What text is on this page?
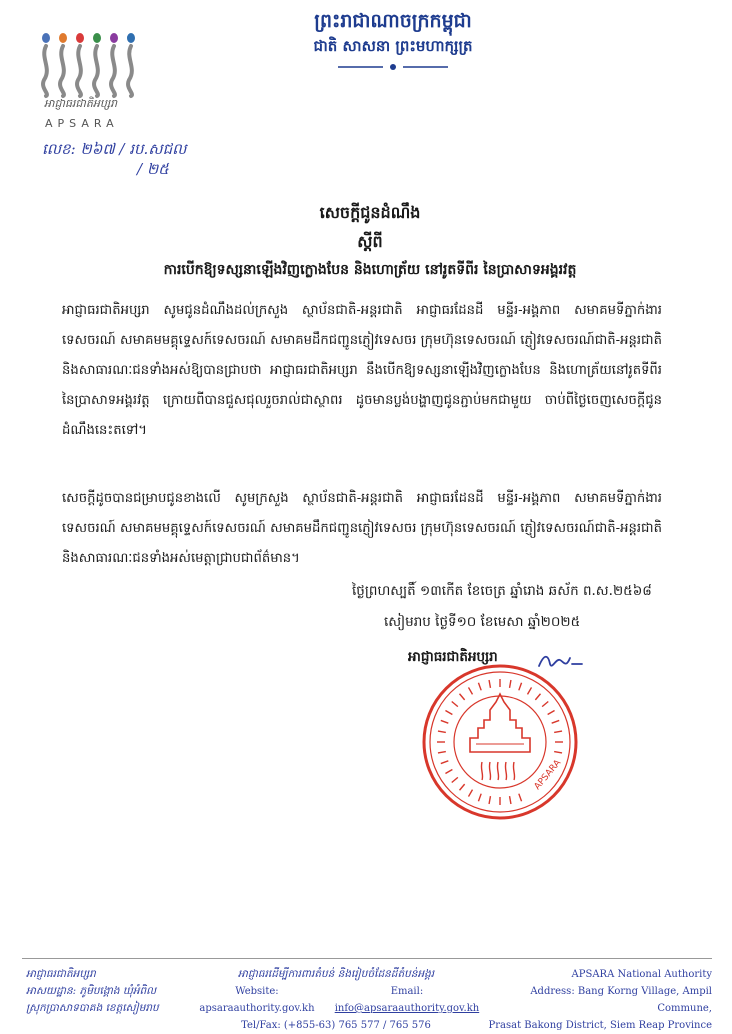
អាជ្ញាធរជាតិអប្សរា
APSARA
លេខ: ២៦៧ / រប.សជល
/ ២៥
ព្រះរាជាណាចក្រកម្ពុជា
ជាតិ សាសនា ព្រះមហាក្សត្រ
សេចក្តីជូនដំណឹង
ស្តីពី
ការបើកឱ្យទស្សនាឡើងវិញក្លោងបែន និងហោត្រ័យ នៅរូតទីពីរ នៃប្រាសាទអង្គរវត្ត
អាជ្ញាធរជាតិអប្សរា សូមជូនដំណឹងដល់ក្រសួង ស្ថាប័នជាតិ-អន្តរជាតិ អាជ្ញាធរដែនដី មន្ទីរ-អង្គភាព សមាគមទីភ្នាក់ងារទេសចរណ៍ សមាគមមគ្គុទ្ទេសក៍ទេសចរណ៍ សមាគមដឹកជញ្ជូនភ្ញៀវទេសចរ ក្រុមហ៊ុនទេសចរណ៍ ភ្ញៀវទេសចរណ៍ជាតិ-អន្តរជាតិ និងសាធារណៈជនទាំងអស់ឱ្យបានជ្រាបថា អាជ្ញាធរជាតិអប្សរា នឹងបើកឱ្យទស្សនាឡើងវិញក្លោងបែន និងហោត្រ័យនៅរូតទីពីរ នៃប្រាសាទអង្គរវត្ត ក្រោយពីបានជួសជុលរួចរាល់ជាស្ថាពរ ដូចមានប្លង់បង្ហាញជូនភ្ជាប់មកជាមួយ ចាប់ពីថ្ងៃចេញសេចក្តីជូនដំណឹងនេះតទៅ។
សេចក្តីដូចបានជម្រាបជូនខាងលើ សូមក្រសួង ស្ថាប័នជាតិ-អន្តរជាតិ អាជ្ញាធរដែនដី មន្ទីរ-អង្គភាព សមាគមទីភ្នាក់ងារទេសចរណ៍ សមាគមមគ្គុទ្ទេសក៍ទេសចរណ៍ សមាគមដឹកជញ្ជូនភ្ញៀវទេសចរ ក្រុមហ៊ុនទេសចរណ៍ ភ្ញៀវទេសចរណ៍ជាតិ-អន្តរជាតិ និងសាធារណៈជនទាំងអស់មេត្តាជ្រាបជាព័ត៌មាន។
ថ្ងៃព្រហស្បតិ៍ ១៣កើត ខែចេត្រ ឆ្នាំរោង ឆស័ក ព.ស.២៥៦៨
សៀមរាប ថ្ងៃទី១០ ខែមេសា ឆ្នាំ២០២៥
អាជ្ញាធរជាតិអប្សរា
APSARA
អាជ្ញាធរជាតិអប្សរា
អាសយដ្ឋាន: ភូមិបង្គោង ឃុំអំពិល
ស្រុកប្រាសាទបាគង ខេត្តសៀមរាប
អាជ្ញាធរដើម្បីការពារតំបន់ និងរៀបចំដែនដីតំបន់អង្គរ
Website: apsaraauthority.gov.kh
Email: info@apsaraauthority.gov.kh
Tel/Fax: (+855-63) 765 577 / 765 576
APSARA National Authority
Address: Bang Korng Village, Ampil Commune,
Prasat Bakong District, Siem Reap Province
